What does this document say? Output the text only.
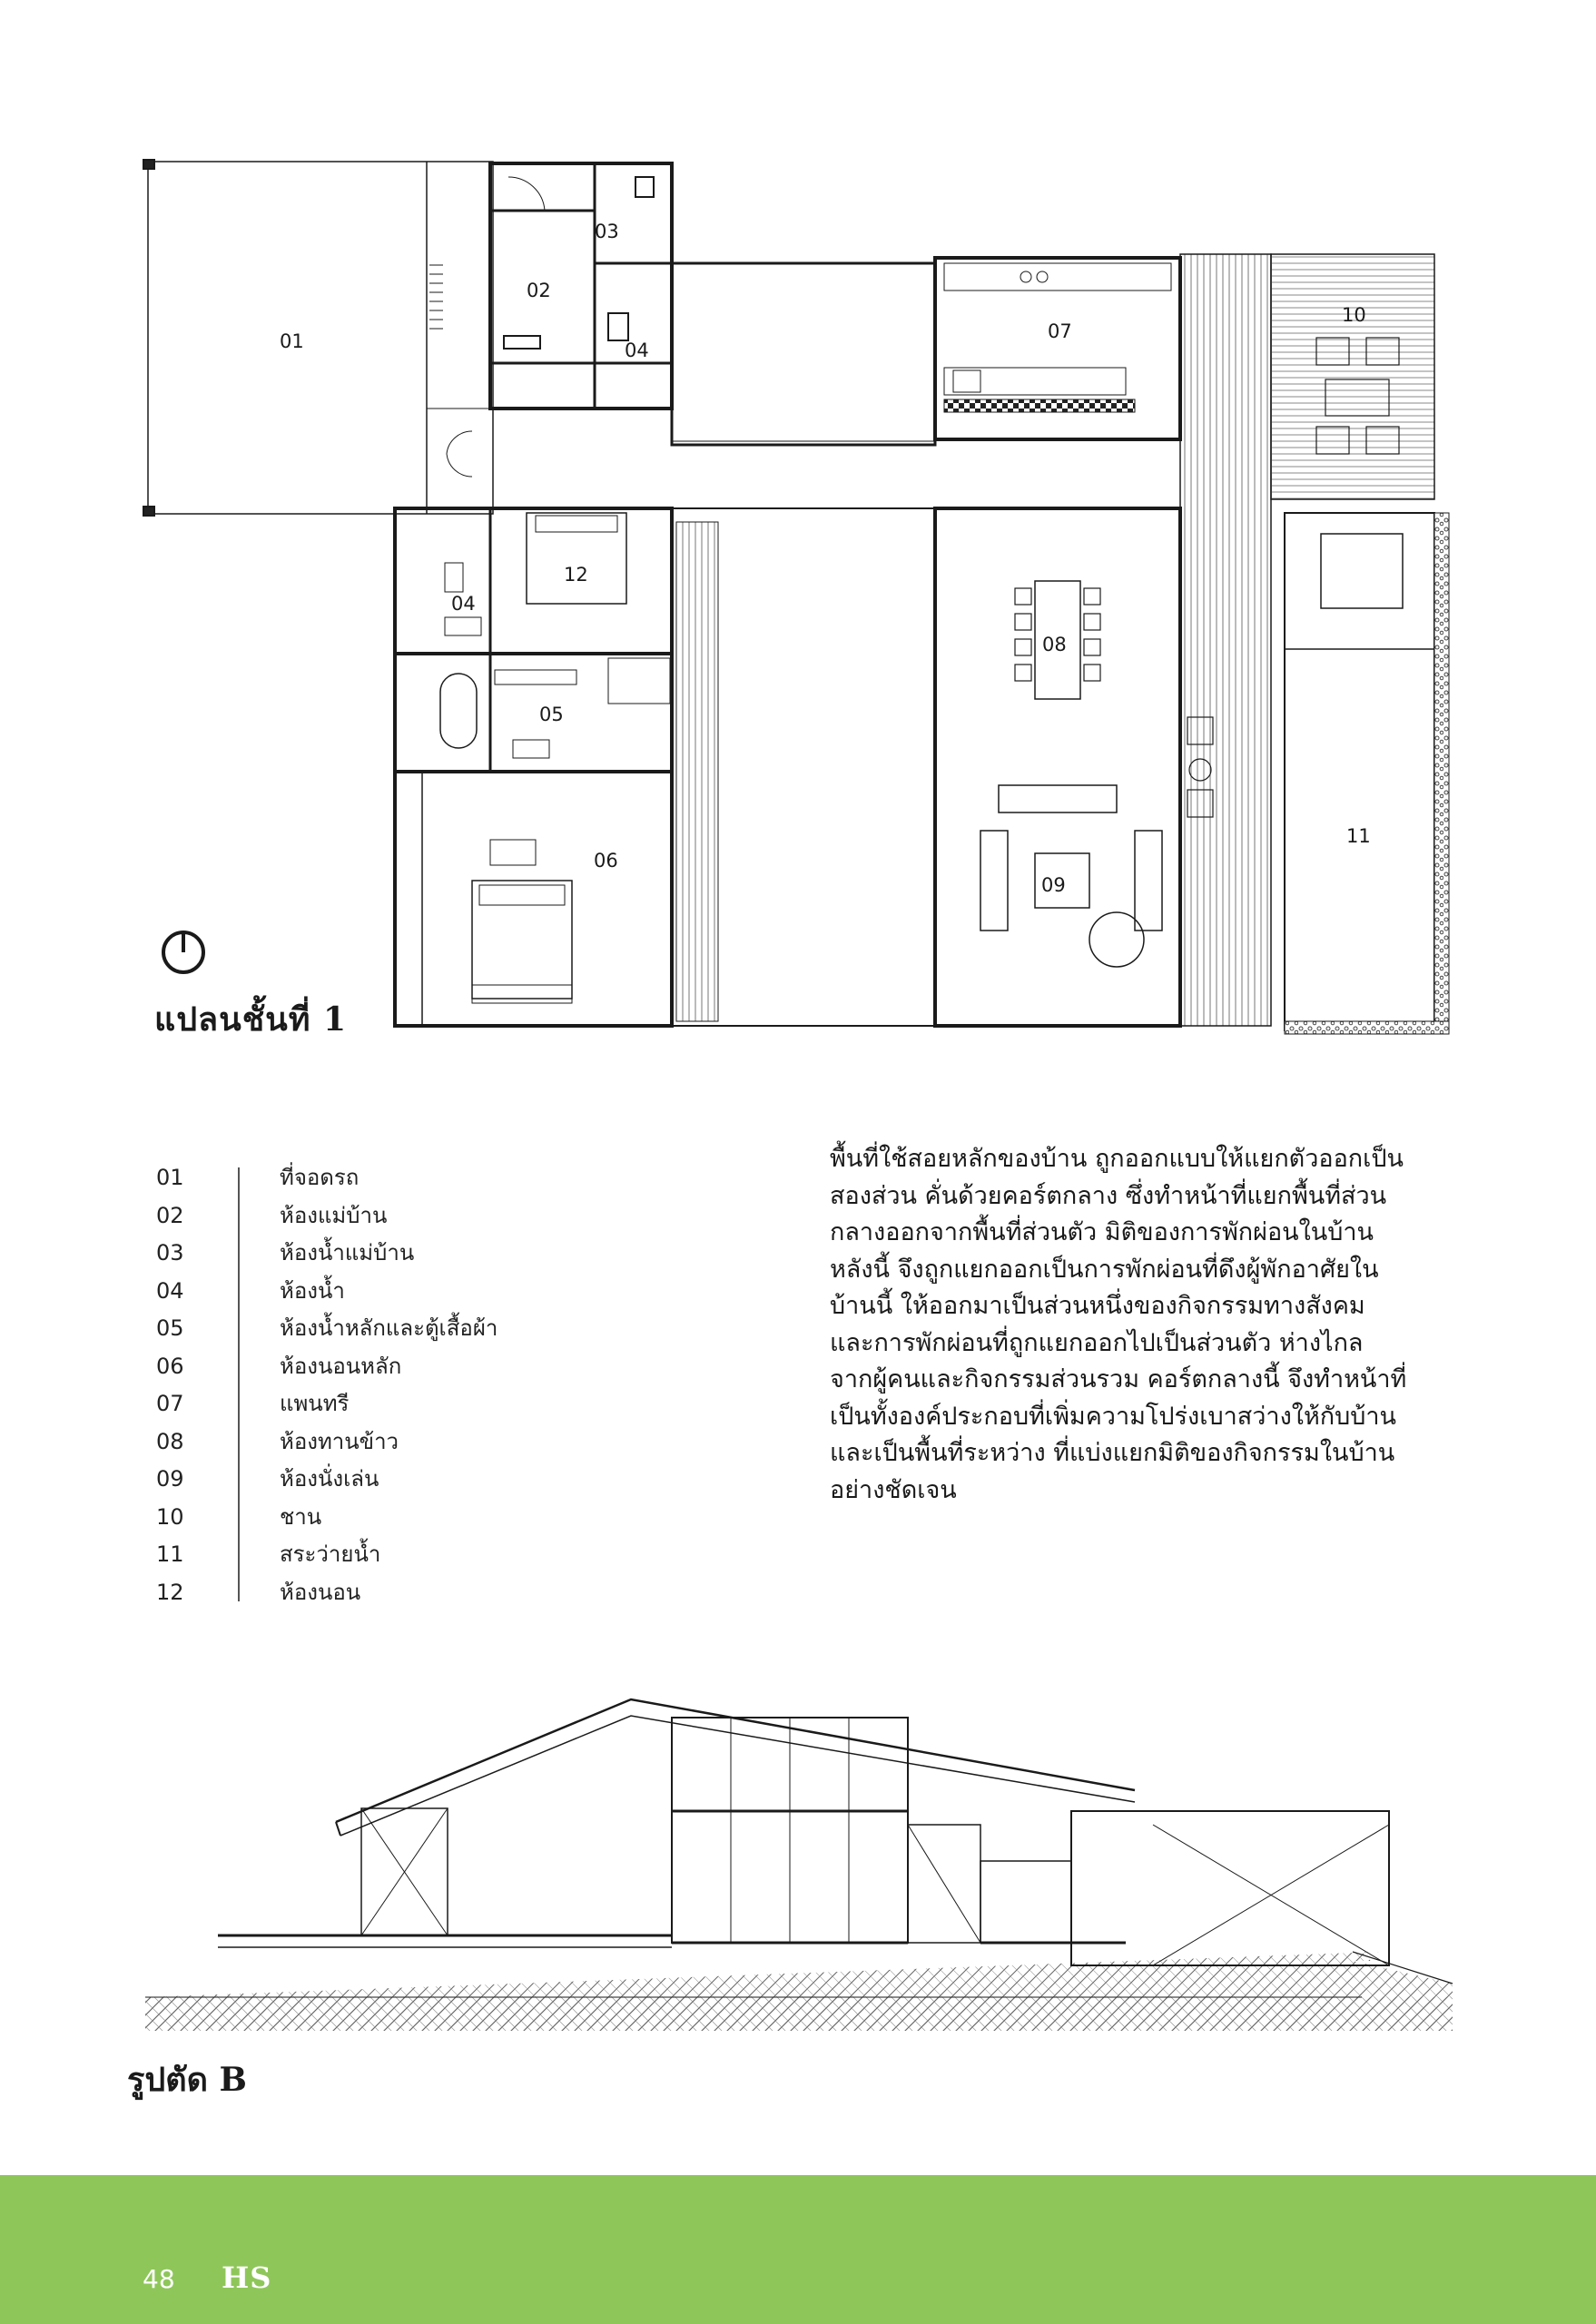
01
02
03
04
07
10
12
04
08
05
06
09
11
แปลนชั้นที่ 1
01	ที่จอดรถ
02	ห้องแม่บ้าน
03	ห้องน้ำแม่บ้าน
04	ห้องน้ำ
05	ห้องน้ำหลักและตู้เสื้อผ้า
06	ห้องนอนหลัก
07	แพนทรี
08	ห้องทานข้าว
09	ห้องนั่งเล่น
10	ชาน
11	สระว่ายน้ำ
12	ห้องนอน
พื้นที่ใช้สอยหลักของบ้าน ถูกออกแบบให้แยกตัวออกเป็น
สองส่วน คั่นด้วยคอร์ตกลาง ซึ่งทำหน้าที่แยกพื้นที่ส่วน
กลางออกจากพื้นที่ส่วนตัว มิติของการพักผ่อนในบ้าน
หลังนี้ จึงถูกแยกออกเป็นการพักผ่อนที่ดึงผู้พักอาศัยใน
บ้านนี้ ให้ออกมาเป็นส่วนหนึ่งของกิจกรรมทางสังคม
และการพักผ่อนที่ถูกแยกออกไปเป็นส่วนตัว ห่างไกล
จากผู้คนและกิจกรรมส่วนรวม คอร์ตกลางนี้ จึงทำหน้าที่
เป็นทั้งองค์ประกอบที่เพิ่มความโปร่งเบาสว่างให้กับบ้าน
และเป็นพื้นที่ระหว่าง ที่แบ่งแยกมิติของกิจกรรมในบ้าน
อย่างชัดเจน
รูปตัด B
48 HS
